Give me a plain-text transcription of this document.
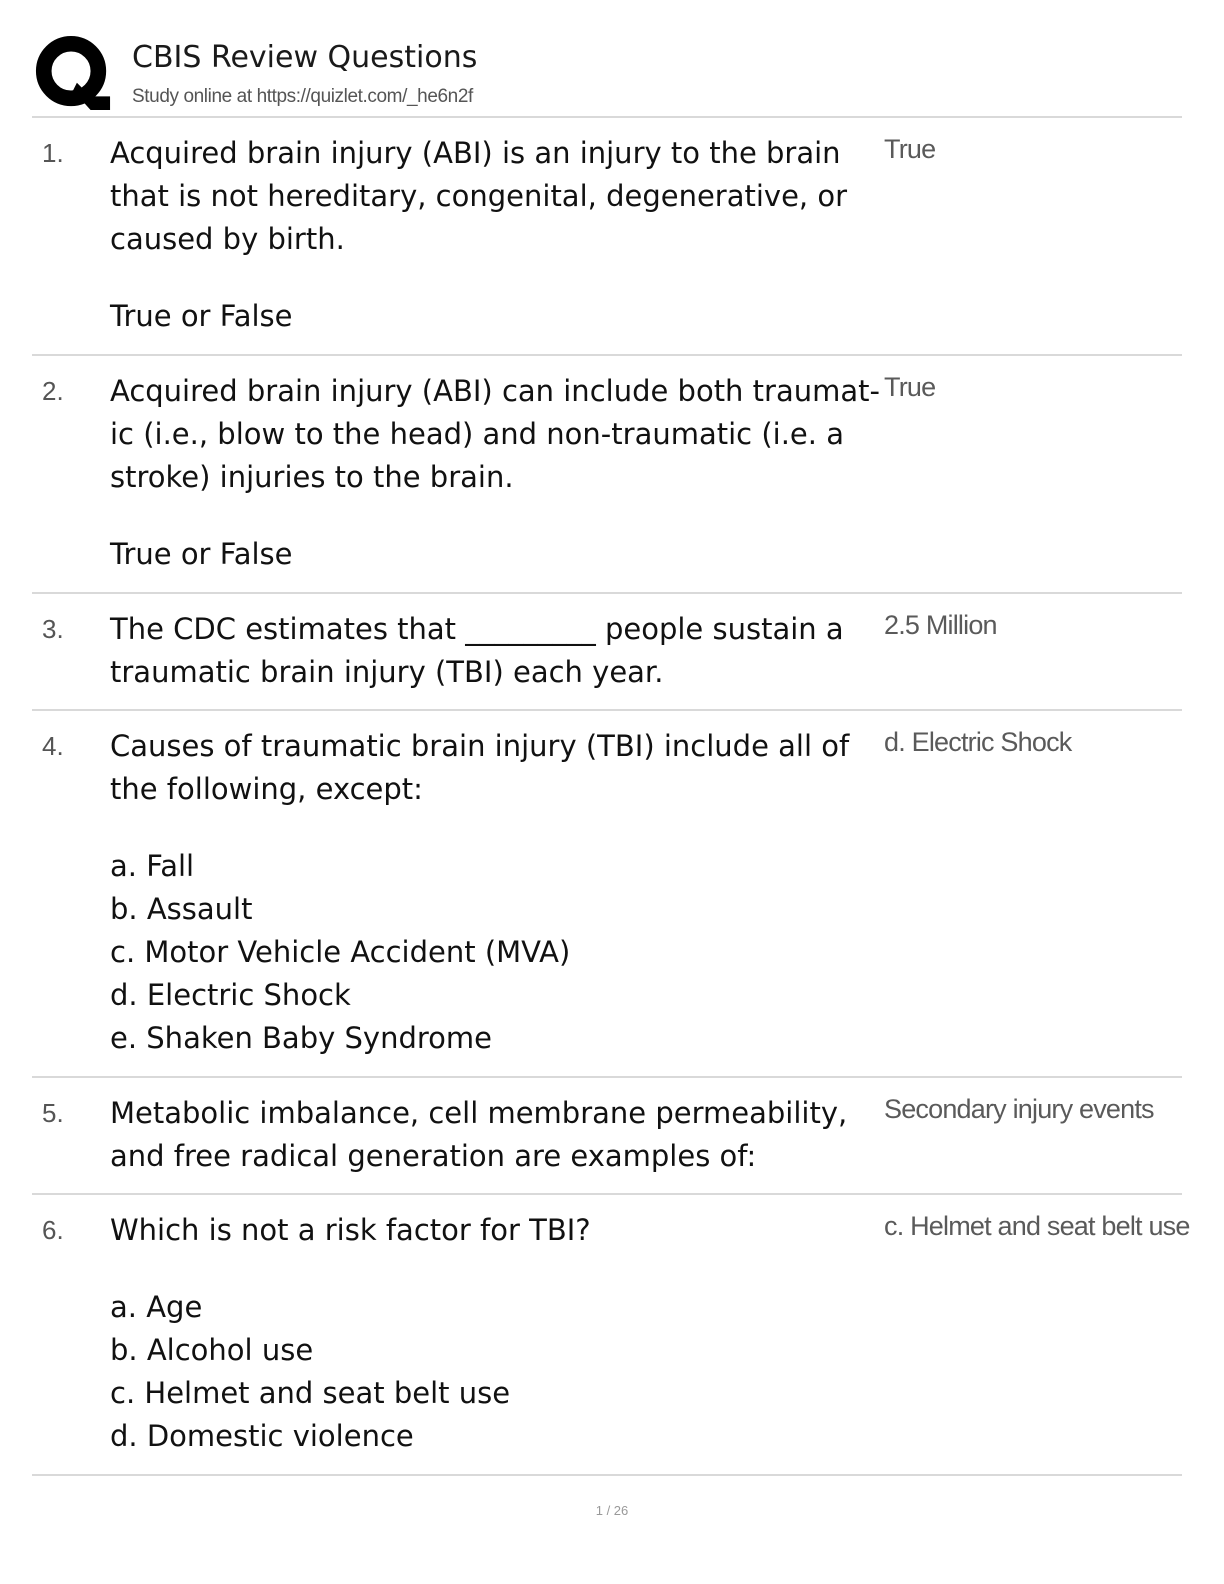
CBIS Review Questions
Study online at https://quizlet.com/_he6n2f
1. Acquired brain injury (ABI) is an injury to the brain
that is not hereditary, congenital, degenerative, or
caused by birth.
True or False
True
2. Acquired brain injury (ABI) can include both traumat-
ic (i.e., blow to the head) and non-traumatic (i.e. a
stroke) injuries to the brain.
True or False
True
3. The CDC estimates that _________ people sustain a
traumatic brain injury (TBI) each year.
2.5 Million
4. Causes of traumatic brain injury (TBI) include all of
the following, except:
a. Fall
b. Assault
c. Motor Vehicle Accident (MVA)
d. Electric Shock
e. Shaken Baby Syndrome
d. Electric Shock
5. Metabolic imbalance, cell membrane permeability,
and free radical generation are examples of:
Secondary injury events
6. Which is not a risk factor for TBI?
a. Age
b. Alcohol use
c. Helmet and seat belt use
d. Domestic violence
c. Helmet and seat belt use
1 / 26
